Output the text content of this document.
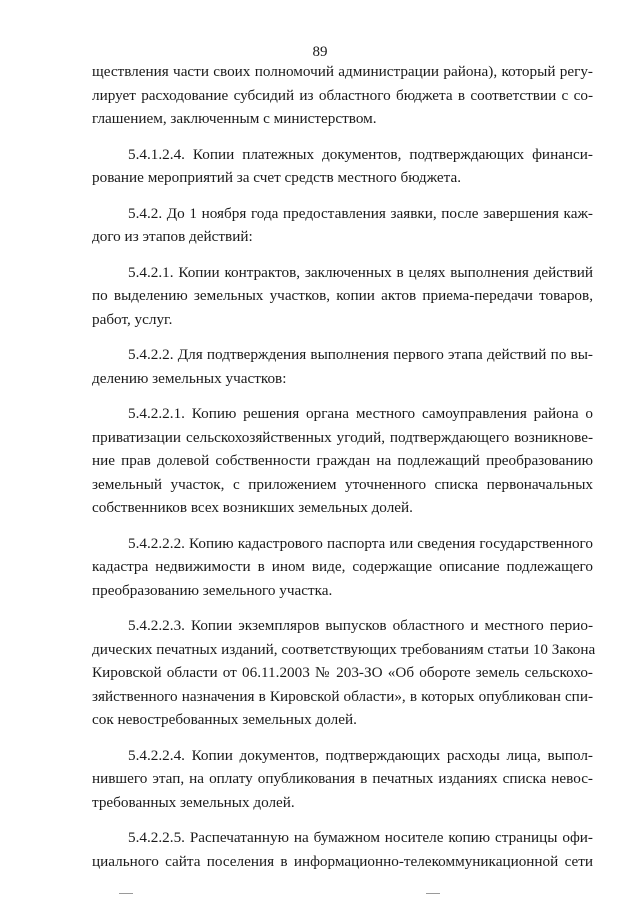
89

ществления части своих полномочий администрации района), который регу-
лирует расходование субсидий из областного бюджета в соответствии с со-
глашением, заключенным с министерством.

5.4.1.2.4. Копии платежных документов, подтверждающих финанси-
рование мероприятий за счет средств местного бюджета.

5.4.2. До 1 ноября года предоставления заявки, после завершения каж-
дого из этапов действий:

5.4.2.1. Копии контрактов, заключенных в целях выполнения действий
по выделению земельных участков, копии актов приема-передачи товаров,
работ, услуг.

5.4.2.2. Для подтверждения выполнения первого этапа действий по вы-
делению земельных участков:

5.4.2.2.1. Копию решения органа местного самоуправления района о
приватизации сельскохозяйственных угодий, подтверждающего возникнове-
ние прав долевой собственности граждан на подлежащий преобразованию
земельный участок, с приложением уточненного списка первоначальных
собственников всех возникших земельных долей.

5.4.2.2.2. Копию кадастрового паспорта или сведения государственного
кадастра недвижимости в ином виде, содержащие описание подлежащего
преобразованию земельного участка.

5.4.2.2.3. Копии экземпляров выпусков областного и местного перио-
дических печатных изданий, соответствующих требованиям статьи 10 Закона
Кировской области от 06.11.2003 № 203-ЗО «Об обороте земель сельскохо-
зяйственного назначения в Кировской области», в которых опубликован спи-
сок невостребованных земельных долей.

5.4.2.2.4. Копии документов, подтверждающих расходы лица, выпол-
нившего этап, на оплату опубликования в печатных изданиях списка невос-
требованных земельных долей.

5.4.2.2.5. Распечатанную на бумажном носителе копию страницы офи-
циального сайта поселения в информационно-телекоммуникационной сети
